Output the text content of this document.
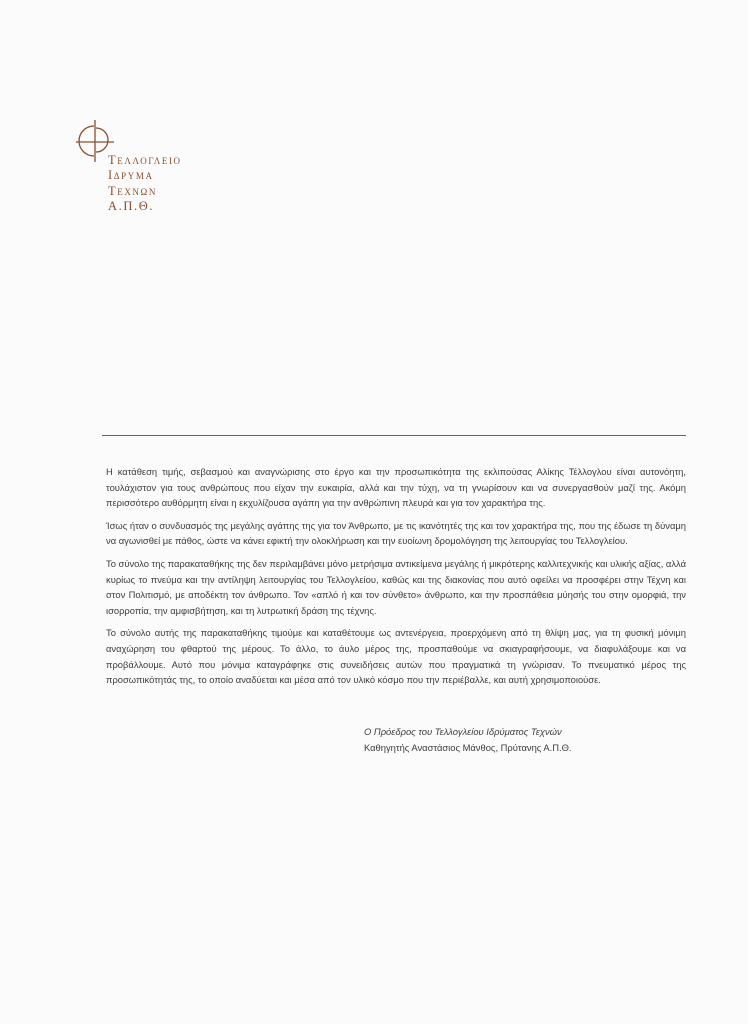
Τελλογλειο
Ιδρυμα
Τεχνων
Α.Π.Θ.

Η κατάθεση τιμής, σεβασμού και αναγνώρισης στο έργο και την προσωπικότητα της εκλιπούσας Αλίκης Τέλλογλου είναι αυτονόητη, τουλάχιστον για τους ανθρώπους που είχαν την ευκαιρία, αλλά και την τύχη, να τη γνωρίσουν και να συνεργασθούν μαζί της. Ακόμη περισσότερο αυθόρμητη είναι η εκχυλίζουσα αγάπη για την ανθρώπινη πλευρά και για τον χαρακτήρα της.

Ίσως ήταν ο συνδυασμός της μεγάλης αγάπης της για τον Άνθρωπο, με τις ικανότητές της και τον χαρακτήρα της, που της έδωσε τη δύναμη να αγωνισθεί με πάθος, ώστε να κάνει εφικτή την ολοκλήρωση και την ευοίωνη δρομολόγηση της λειτουργίας του Τελλογλείου.

Το σύνολο της παρακαταθήκης της δεν περιλαμβάνει μόνο μετρήσιμα αντικείμενα μεγάλης ή μικρότερης καλλιτεχνικής και υλικής αξίας, αλλά κυρίως το πνεύμα και την αντίληψη λειτουργίας του Τελλογλείου, καθώς και της διακονίας που αυτό οφείλει να προσφέρει στην Τέχνη και στον Πολιτισμό, με αποδέκτη τον άνθρωπο. Τον «απλό ή και τον σύνθετο» άνθρωπο, και την προσπάθεια μύησής του στην ομορφιά, την ισορροπία, την αμφισβήτηση, και τη λυτρωτική δράση της τέχνης.

Το σύνολο αυτής της παρακαταθήκης τιμούμε και καταθέτουμε ως αντενέργεια, προερχόμενη από τη θλίψη μας, για τη φυσική μόνιμη αναχώρηση του φθαρτού της μέρους. Το άλλο, το άυλο μέρος της, προσπαθούμε να σκιαγραφήσουμε, να διαφυλάξουμε και να προβάλλουμε. Αυτό που μόνιμα καταγράφηκε στις συνειδήσεις αυτών που πραγματικά τη γνώρισαν. Το πνευματικό μέρος της προσωπικότητάς της, το οποίο αναδύεται και μέσα από τον υλικό κόσμο που την περιέβαλλε, και αυτή χρησιμοποιούσε.

Ο Πρόεδρος του Τελλογλείου Ιδρύματος Τεχνών
Καθηγητής Αναστάσιος Μάνθος, Πρύτανης Α.Π.Θ.
